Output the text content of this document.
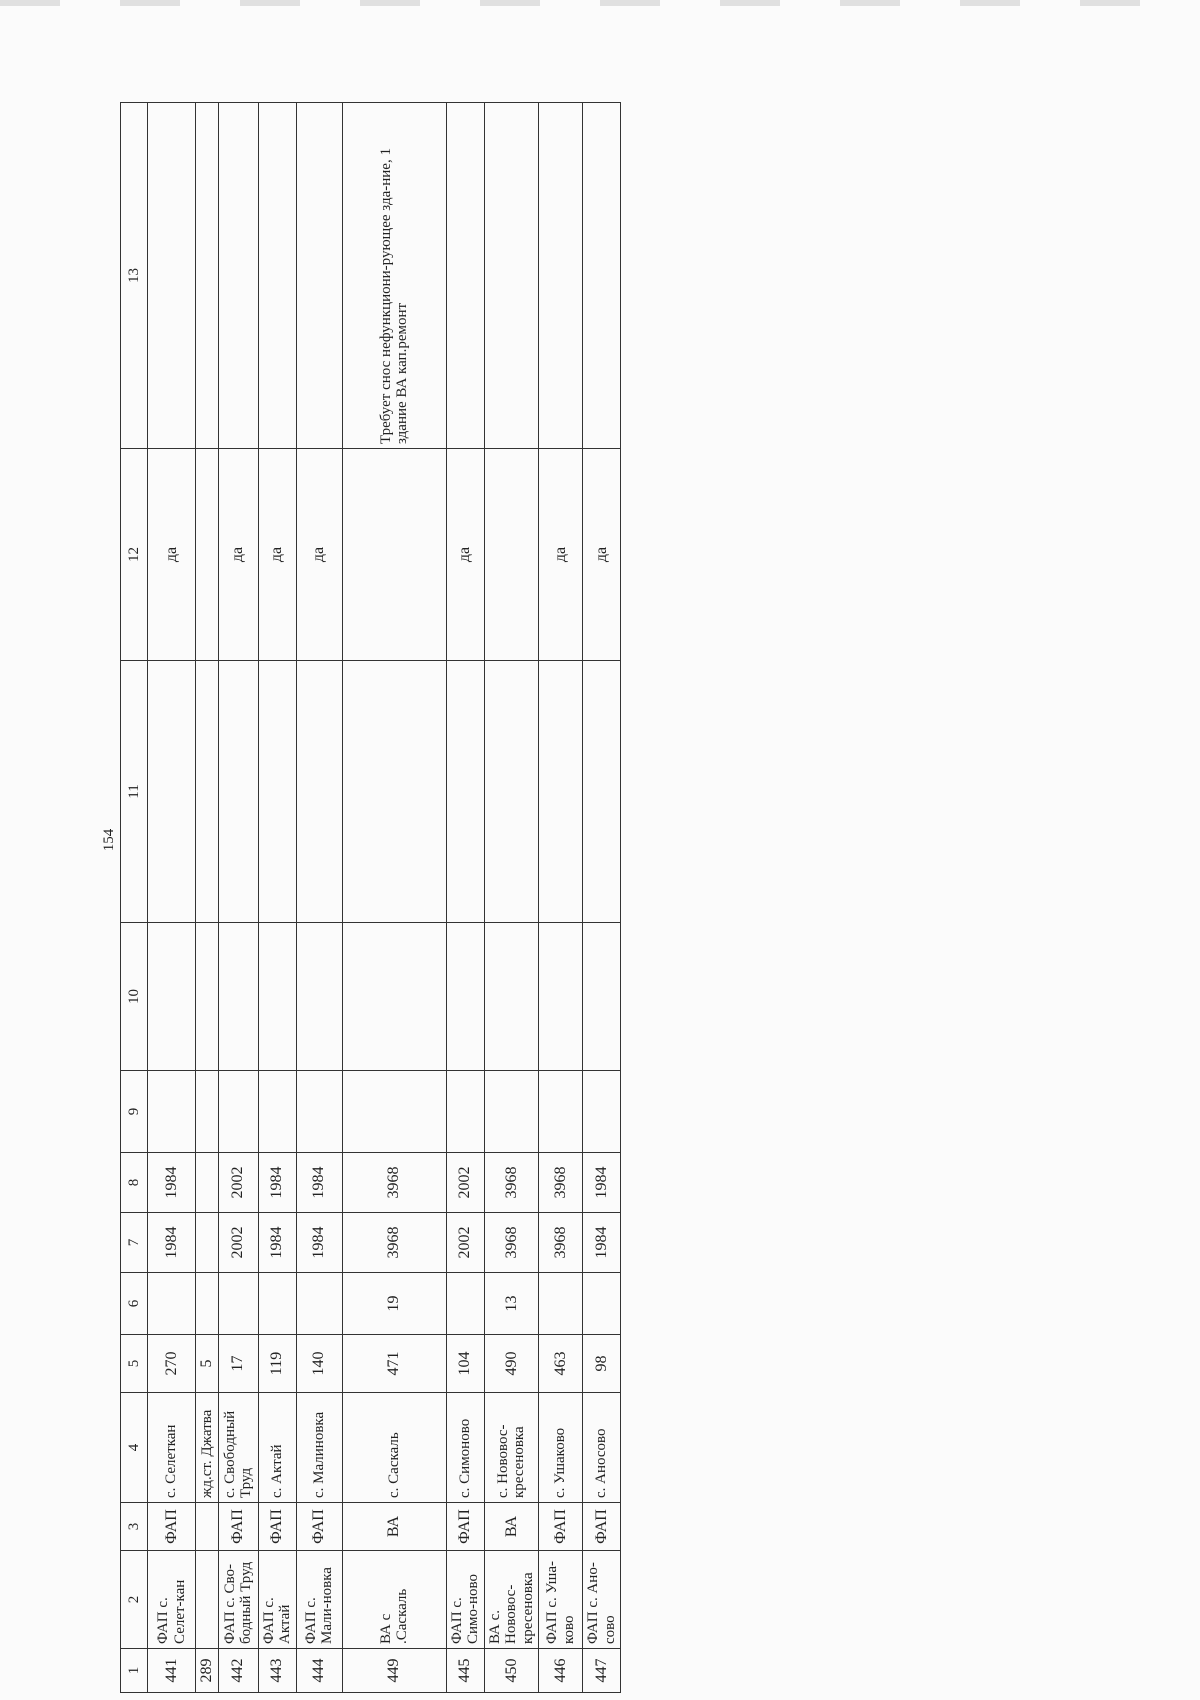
154
1	2	3	4	5	6	7	8	9	10	11	12	13
441	ФАП с. Селет-кан	ФАП	с. Селеткан	270		1984	1984				да	
289			жд.ст. Джатва	5								
442	ФАП с. Сво-бодный Труд	ФАП	с. Свободный Труд	17		2002	2002				да	
443	ФАП с. Актай	ФАП	с. Актай	119		1984	1984				да	
444	ФАП с. Мали-новка	ФАП	с. Малиновка	140		1984	1984				да	
449	ВА с .Саскаль	ВА	с. Саскаль	471	19	3968	3968					Требует снос нефункциони-рующее зда-ние, 1 здание ВА кап.ремонт
445	ФАП с. Симо-ново	ФАП	с. Симоново	104		2002	2002				да	
450	ВА с. Нововос-кресеновка	ВА	с. Нововос-кресеновка	490	13	3968	3968					
446	ФАП с. Уша-ково	ФАП	с. Ушаково	463		3968	3968				да	
447	ФАП с. Ано-сово	ФАП	с. Аносово	98		1984	1984				да	
